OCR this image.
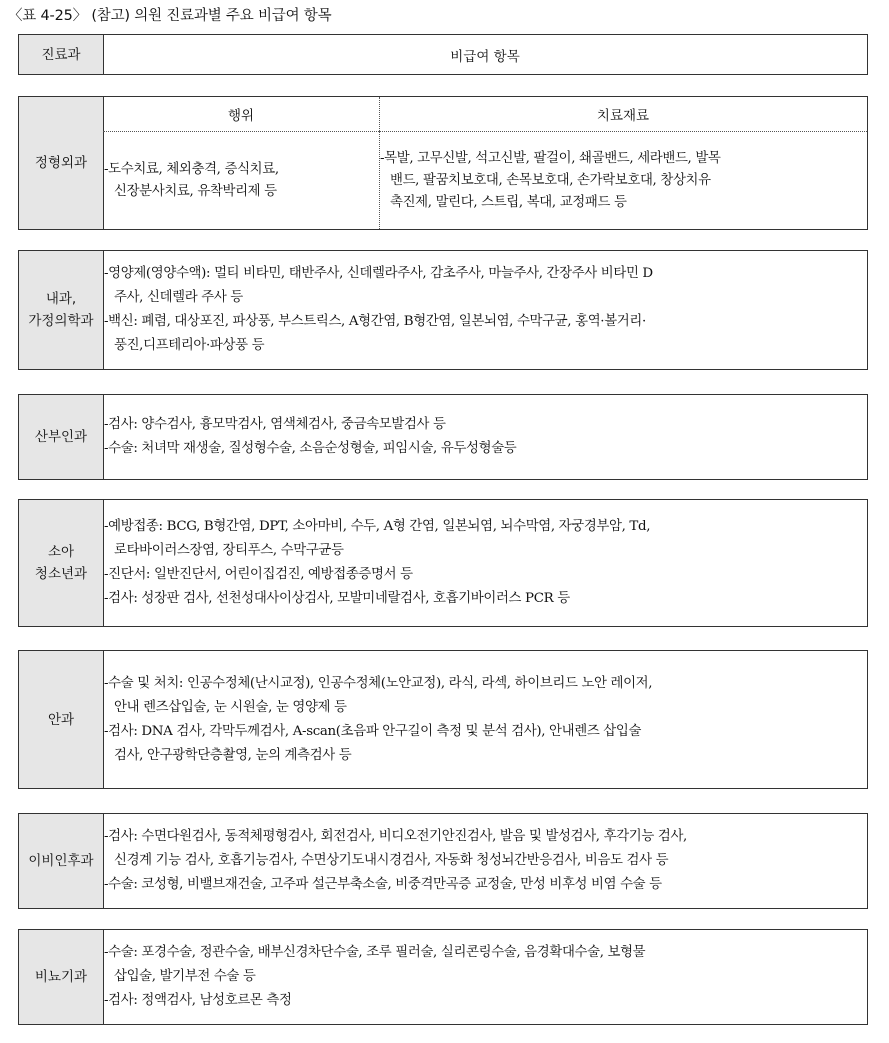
〈표 4-25〉 (참고) 의원 진료과별 주요 비급여 항목
진료과	비급여 항목
정형외과
행위
-도수치료, 체외충격, 증식치료,
신장분사치료, 유착박리제 등
치료재료
-목발, 고무신발, 석고신발, 팔걸이, 쇄골밴드, 세라밴드, 발목
밴드, 팔꿈치보호대, 손목보호대, 손가락보호대, 창상치유
촉진제, 말린다, 스트립, 복대, 교정패드 등
내과,
가정의학과
-영양제(영양수액): 멀티 비타민, 태반주사, 신데렐라주사, 감초주사, 마늘주사, 간장주사 비타민 D
주사, 신데렐라 주사 등
-백신: 폐렴, 대상포진, 파상풍, 부스트릭스, A형간염, B형간염, 일본뇌염, 수막구균, 홍역·볼거리·
풍진,디프테리아·파상풍 등
산부인과
-검사: 양수검사, 흉모막검사, 염색체검사, 중금속모발검사 등
-수술: 처녀막 재생술, 질성형수술, 소음순성형술, 피임시술, 유두성형술등
소아
청소년과
-예방접종: BCG, B형간염, DPT, 소아마비, 수두, A형 간염, 일본뇌염, 뇌수막염, 자궁경부암, Td,
로타바이러스장염, 장티푸스, 수막구균등
-진단서: 일반진단서, 어린이집검진, 예방접종증명서 등
-검사: 성장판 검사, 선천성대사이상검사, 모발미네랄검사, 호흡기바이러스 PCR 등
안과
-수술 및 처치: 인공수정체(난시교정), 인공수정체(노안교정), 라식, 라섹, 하이브리드 노안 레이저,
안내 렌즈삽입술, 눈 시원술, 눈 영양제 등
-검사: DNA 검사, 각막두께검사, A-scan(초음파 안구길이 측정 및 분석 검사), 안내렌즈 삽입술
검사, 안구광학단층촬영, 눈의 계측검사 등
이비인후과
-검사: 수면다원검사, 동적체평형검사, 회전검사, 비디오전기안진검사, 발음 및 발성검사, 후각기능 검사,
신경계 기능 검사, 호흡기능검사, 수면상기도내시경검사, 자동화 청성뇌간반응검사, 비음도 검사 등
-수술: 코성형, 비밸브재건술, 고주파 설근부축소술, 비중격만곡증 교정술, 만성 비후성 비염 수술 등
비뇨기과
-수술: 포경수술, 정관수술, 배부신경차단수술, 조루 필러술, 실리콘링수술, 음경확대수술, 보형물
삽입술, 발기부전 수술 등
-검사: 정액검사, 남성호르몬 측정
